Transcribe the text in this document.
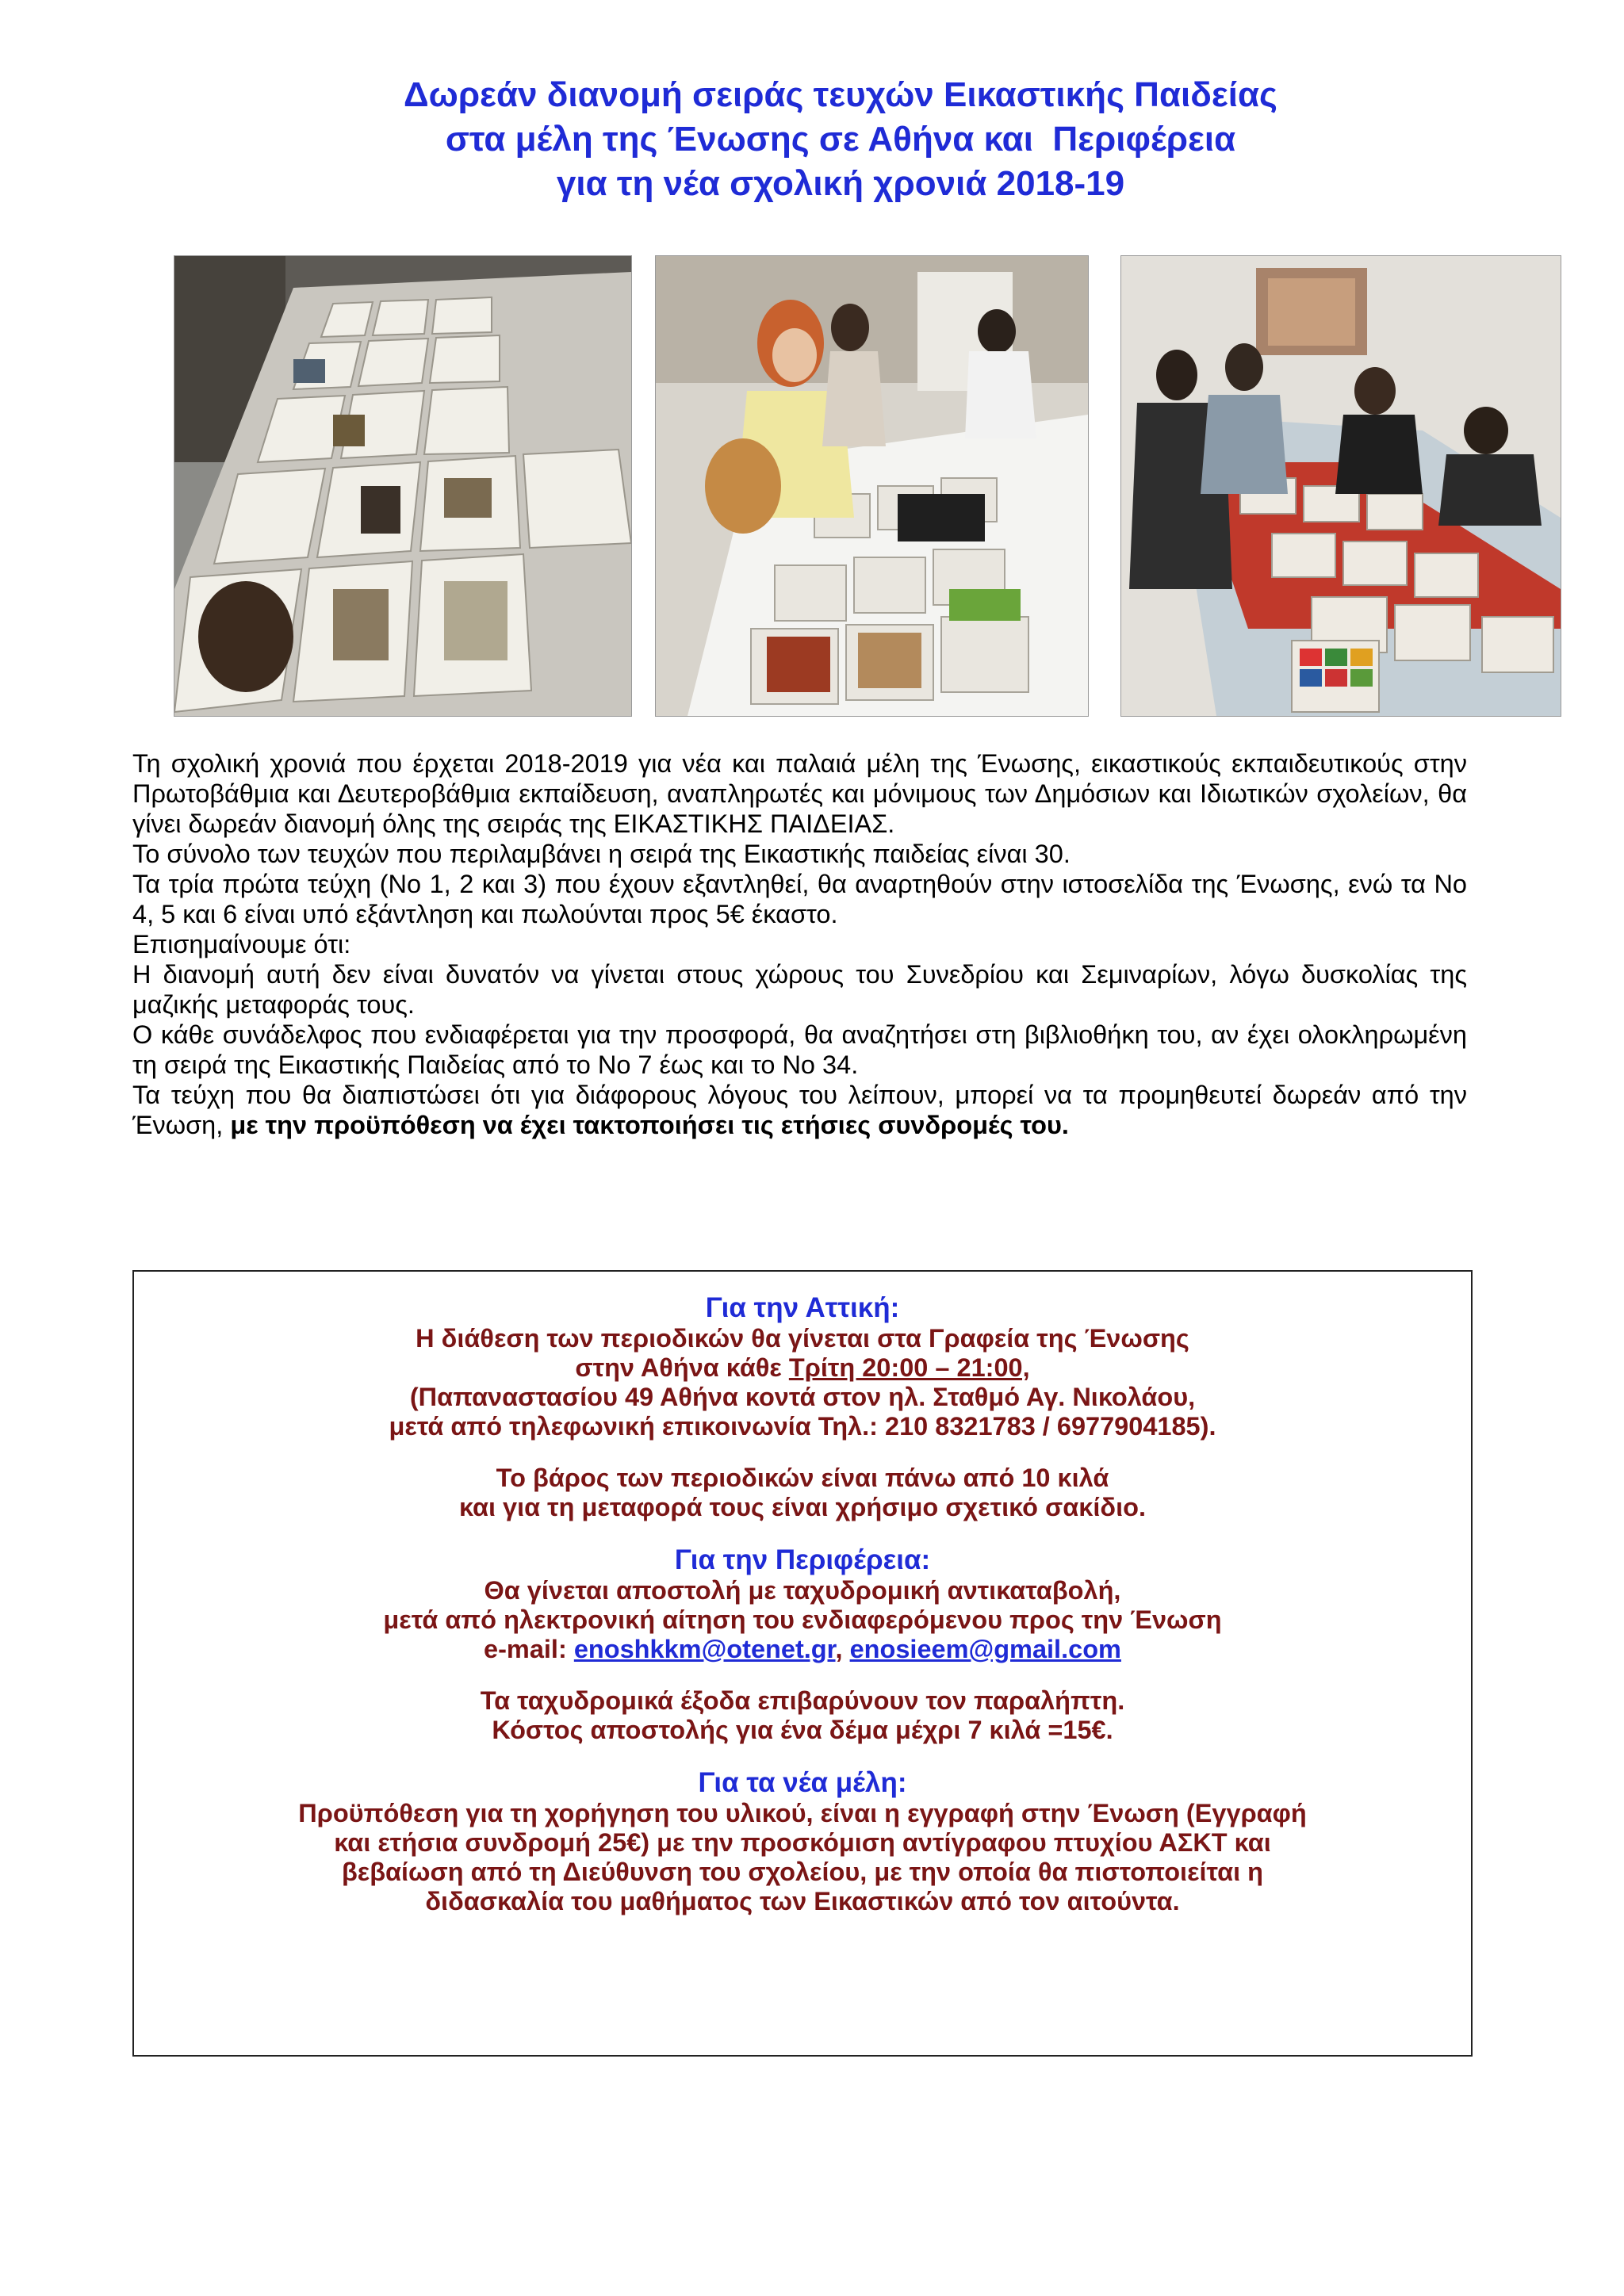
Δωρεάν διανομή σειράς τευχών Εικαστικής Παιδείας
στα μέλη της Ένωσης σε Αθήνα και  Περιφέρεια
για τη νέα σχολική χρονιά 2018-19

Τη σχολική χρονιά που έρχεται 2018-2019 για νέα και παλαιά μέλη της Ένωσης, εικαστικούς εκπαιδευτικούς στην Πρωτοβάθμια και Δευτεροβάθμια εκπαίδευση, αναπληρωτές και μόνιμους των Δημόσιων και Ιδιωτικών σχολείων, θα γίνει δωρεάν διανομή όλης της σειράς της ΕΙΚΑΣΤΙΚΗΣ ΠΑΙΔΕΙΑΣ.

Το σύνολο των τευχών που περιλαμβάνει η σειρά της Εικαστικής παιδείας είναι 30.

Τα τρία πρώτα τεύχη (Νο 1, 2 και 3) που έχουν εξαντληθεί, θα αναρτηθούν στην ιστοσελίδα της Ένωσης, ενώ τα Νο 4, 5 και 6 είναι υπό εξάντληση και πωλούνται προς 5€ έκαστο.

Επισημαίνουμε ότι:

Η διανομή αυτή δεν είναι δυνατόν να γίνεται στους χώρους του Συνεδρίου και Σεμιναρίων, λόγω δυσκολίας της μαζικής μεταφοράς τους.

Ο κάθε συνάδελφος που ενδιαφέρεται για την προσφορά, θα αναζητήσει στη βιβλιοθήκη του, αν έχει ολοκληρωμένη τη σειρά της Εικαστικής Παιδείας από το Νο 7 έως και το Νο 34.

Τα τεύχη που θα διαπιστώσει ότι για διάφορους λόγους του λείπουν, μπορεί να τα προμηθευτεί δωρεάν από την Ένωση, με την προϋπόθεση να έχει τακτοποιήσει τις ετήσιες συνδρομές του.

Για την Αττική:
Η διάθεση των περιοδικών θα γίνεται στα Γραφεία της Ένωσης
στην Αθήνα κάθε Τρίτη 20:00 – 21:00,
(Παπαναστασίου 49 Αθήνα κοντά στον ηλ. Σταθμό Αγ. Νικολάου,
μετά από τηλεφωνική επικοινωνία Τηλ.: 210 8321783 / 6977904185).
Το βάρος των περιοδικών είναι πάνω από 10 κιλά
και για τη μεταφορά τους είναι χρήσιμο σχετικό σακίδιο.
Για την Περιφέρεια:
Θα γίνεται αποστολή με ταχυδρομική αντικαταβολή,
μετά από ηλεκτρονική αίτηση του ενδιαφερόμενου προς την Ένωση
e-mail: enoshkkm@otenet.gr, enosieem@gmail.com
Τα ταχυδρομικά έξοδα επιβαρύνουν τον παραλήπτη.
Κόστος αποστολής για ένα δέμα μέχρι 7 κιλά =15€.
Για τα νέα μέλη:
Προϋπόθεση για τη χορήγηση του υλικού, είναι η εγγραφή στην Ένωση (Εγγραφή
και ετήσια συνδρομή 25€) με την προσκόμιση αντίγραφου πτυχίου ΑΣΚΤ και
βεβαίωση από τη Διεύθυνση του σχολείου, με την οποία θα πιστοποιείται η
διδασκαλία του μαθήματος των Εικαστικών από τον αιτούντα.
